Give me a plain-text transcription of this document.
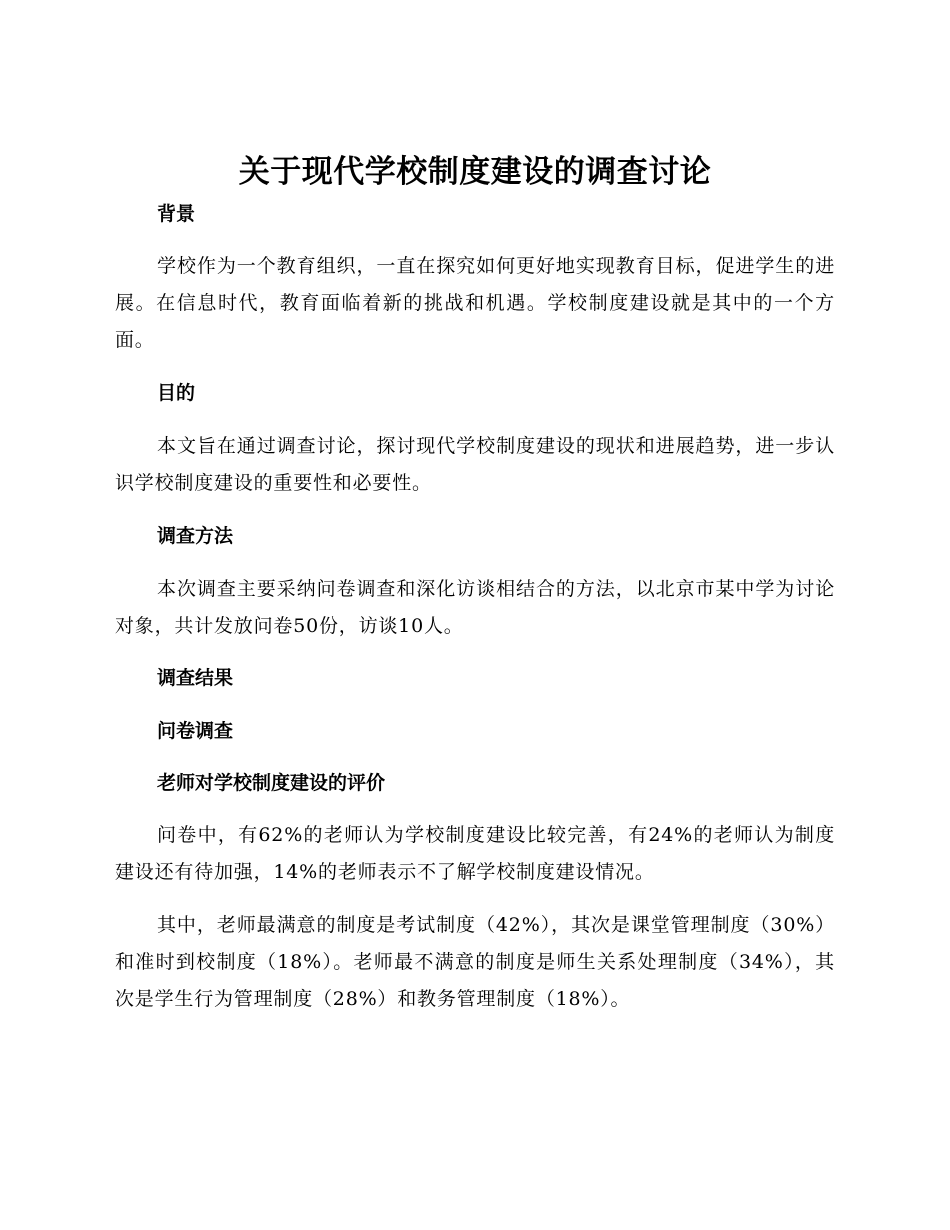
关于现代学校制度建设的调查讨论
背景

学校作为一个教育组织，一直在探究如何更好地实现教育目标，促进学生的进展。在信息时代，教育面临着新的挑战和机遇。学校制度建设就是其中的一个方面。

目的

本文旨在通过调查讨论，探讨现代学校制度建设的现状和进展趋势，进一步认识学校制度建设的重要性和必要性。

调查方法

本次调查主要采纳问卷调查和深化访谈相结合的方法，以北京市某中学为讨论对象，共计发放问卷50份，访谈10人。

调查结果
问卷调查
老师对学校制度建设的评价

问卷中，有62%的老师认为学校制度建设比较完善，有24%的老师认为制度建设还有待加强，14%的老师表示不了解学校制度建设情况。

其中，老师最满意的制度是考试制度（42%），其次是课堂管理制度（30%）和准时到校制度（18%）。老师最不满意的制度是师生关系处理制度（34%），其次是学生行为管理制度（28%）和教务管理制度（18%）。
